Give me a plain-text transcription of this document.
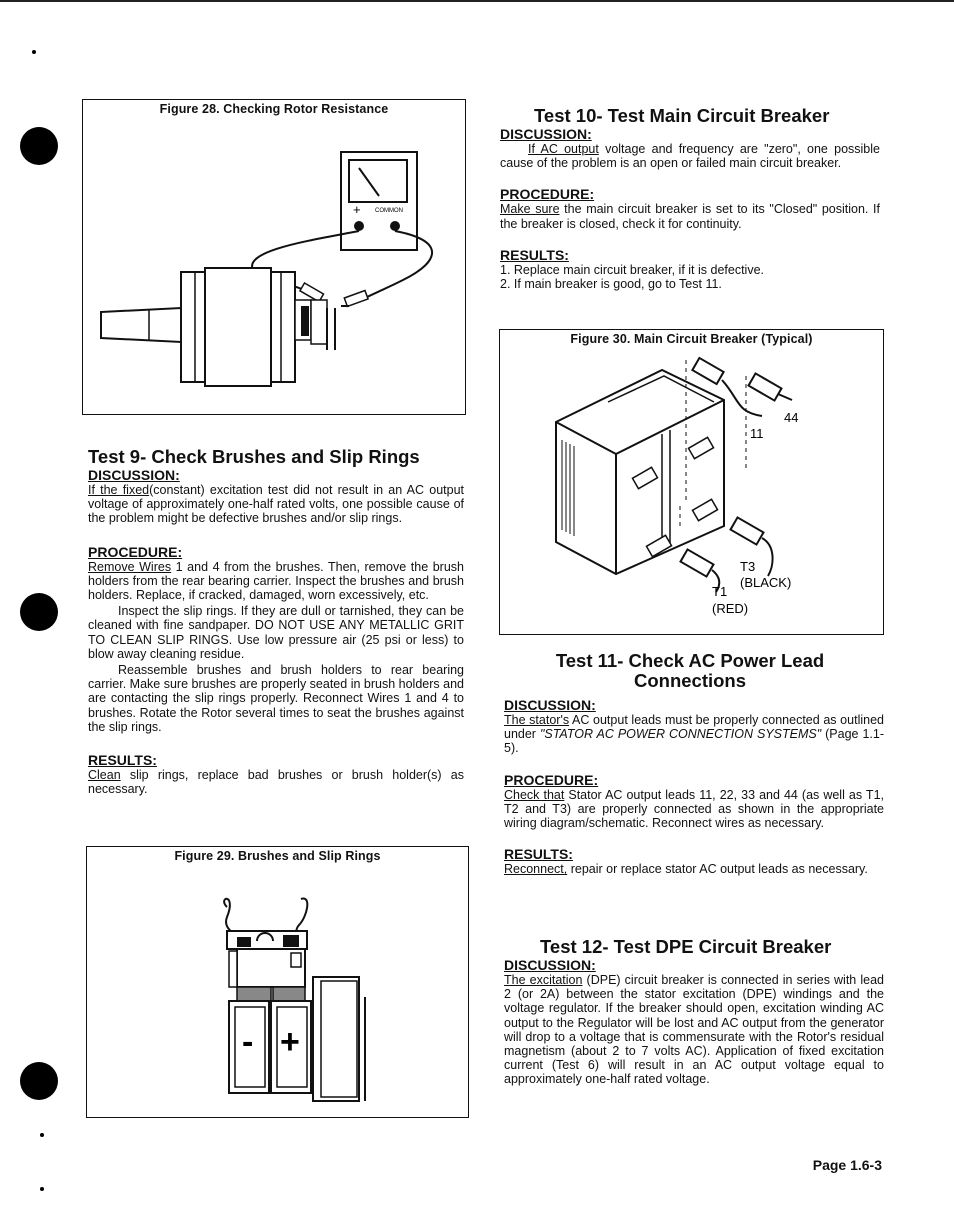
Figure 28. Checking Rotor Resistance
+ COMMON
Test 9- Check Brushes and Slip Rings
DISCUSSION:

If the fixed(constant) excitation test did not result in an AC output voltage of approximately one-half rated volts, one possible cause of the problem might be defective brushes and/or slip rings.

PROCEDURE:

Remove Wires 1 and 4 from the brushes. Then, remove the brush holders from the rear bearing carrier. Inspect the brushes and brush holders. Replace, if cracked, damaged, worn excessively, etc.

Inspect the slip rings. If they are dull or tarnished, they can be cleaned with fine sandpaper. DO NOT USE ANY METALLIC GRIT TO CLEAN SLIP RINGS. Use low pressure air (25 psi or less) to blow away cleaning residue.

Reassemble brushes and brush holders to rear bearing carrier. Make sure brushes are properly seated in brush holders and are contacting the slip rings properly. Reconnect Wires 1 and 4 to brushes. Rotate the Rotor several times to seat the brushes against the slip rings.

RESULTS:

Clean slip rings, replace bad brushes or brush holder(s) as necessary.

Figure 29. Brushes and Slip Rings
- +
Test 10- Test Main Circuit Breaker
DISCUSSION:

If AC output voltage and frequency are "zero", one possible cause of the problem is an open or failed main circuit breaker.

PROCEDURE:

Make sure the main circuit breaker is set to its "Closed" position. If the breaker is closed, check it for continuity.

RESULTS:

1. Replace main circuit breaker, if it is defective.

2. If main breaker is good, go to Test 11.

Figure 30. Main Circuit Breaker (Typical)
44
11
T3
(BLACK)
T1
(RED)
Test 11- Check AC Power Lead Connections
DISCUSSION:

The stator's AC output leads must be properly connected as outlined under "STATOR AC POWER CONNECTION SYSTEMS" (Page 1.1-5).

PROCEDURE:

Check that Stator AC output leads 11, 22, 33 and 44 (as well as T1, T2 and T3) are properly connected as shown in the appropriate wiring diagram/schematic. Reconnect wires as necessary.

RESULTS:

Reconnect, repair or replace stator AC output leads as necessary.

Test 12- Test DPE Circuit Breaker
DISCUSSION:

The excitation (DPE) circuit breaker is connected in series with lead 2 (or 2A) between the stator excitation (DPE) windings and the voltage regulator. If the breaker should open, excitation winding AC output to the Regulator will be lost and AC output from the generator will drop to a voltage that is commensurate with the Rotor's residual magnetism (about 2 to 7 volts AC). Application of fixed excitation current (Test 6) will result in an AC output voltage equal to approximately one-half rated voltage.

Page 1.6-3
